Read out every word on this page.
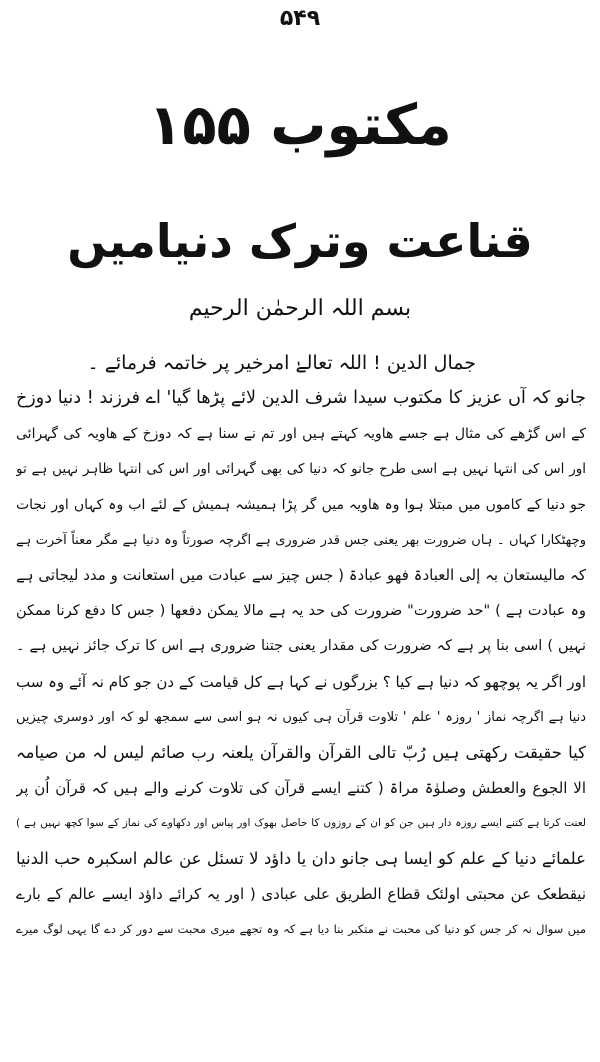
۵۴۹
مکتوب ۱۵۵
قناعت وترک دنیامیں
بسم اللہ الرحمٰن الرحیم
جمال الدین ! اللہ تعالےٰ امرخیر پر خاتمہ فرمائے ۔
جانو کہ آں عزیز کا مکتوب سیدا شرف الدین لائے پڑھا گیا' اے فرزند ! دنیا دوزخ
کے اس گڑھے کی مثال ہے جسے ھاویہ کہتے ہیں اور تم نے سنا ہے کہ دوزخ کے ھاویہ کی گہرائی
اور اس کی انتہا نہیں ہے اسی طرح جانو کہ دنیا کی بھی گہرائی اور اس کی انتہا ظاہر نہیں ہے تو
جو دنیا کے کاموں میں مبتلا ہوا وہ ھاویہ میں گر پڑا ہمیشہ ہمیش کے لئے اب وہ کہاں اور نجات
وچھٹکارا کہاں ۔ ہاں ضرورت بھر یعنی جس قدر ضروری ہے اگرچہ صورتاً وہ دنیا ہے مگر معناً آخرت ہے
کہ مالیستعان بہ إلی العبادۃ فھو عبادۃ ( جس چیز سے عبادت میں استعانت و مدد لیجاتی ہے
وہ عبادت ہے ) "حد ضرورت" ضرورت کی حد یہ ہے مالا یمکن دفعھا ( جس کا دفع کرنا ممکن
نہیں ) اسی بنا پر ہے کہ ضرورت کی مقدار یعنی جتنا ضروری ہے اس کا ترک جائز نہیں ہے ۔
اور اگر یہ پوچھو کہ دنیا ہے کیا ؟ بزرگوں نے کہا ہے کل قیامت کے دن جو کام نہ آئے وہ سب
دنیا ہے اگرچہ نماز ' روزہ ' علم ' تلاوت قرآن ہی کیوں نہ ہو اسی سے سمجھ لو کہ اور دوسری چیزیں
کیا حقیقت رکھتی ہیں رُبّ تالی القرآن والقرآن یلعنہ رب صائم لیس لہ من صیامہ
الا الجوع والعطش وصلوٰۃ مراۃ ( کتنے ایسے قرآن کی تلاوت کرنے والے ہیں کہ قرآن اُن پر
لعنت کرتا ہے کتنے ایسے روزہ دار ہیں جن کو ان کے روزوں کا حاصل بھوک اور پیاس اور دکھاوے کی نماز کے سوا کچھ نہیں ہے )
علمائے دنیا کے علم کو ایسا ہی جانو دان یا داؤد لا تسئل عن عالم اسکبرہ حب الدنیا
نیقطعک عن محبتی اولئک قطاع الطریق علی عبادی ( اور یہ کرائے داؤد ایسے عالم کے بارے
میں سوال نہ کر جس کو دنیا کی محبت نے متکبر بنا دیا ہے کہ وہ تجھے میری محبت سے دور کر دے گا یہی لوگ میرے
